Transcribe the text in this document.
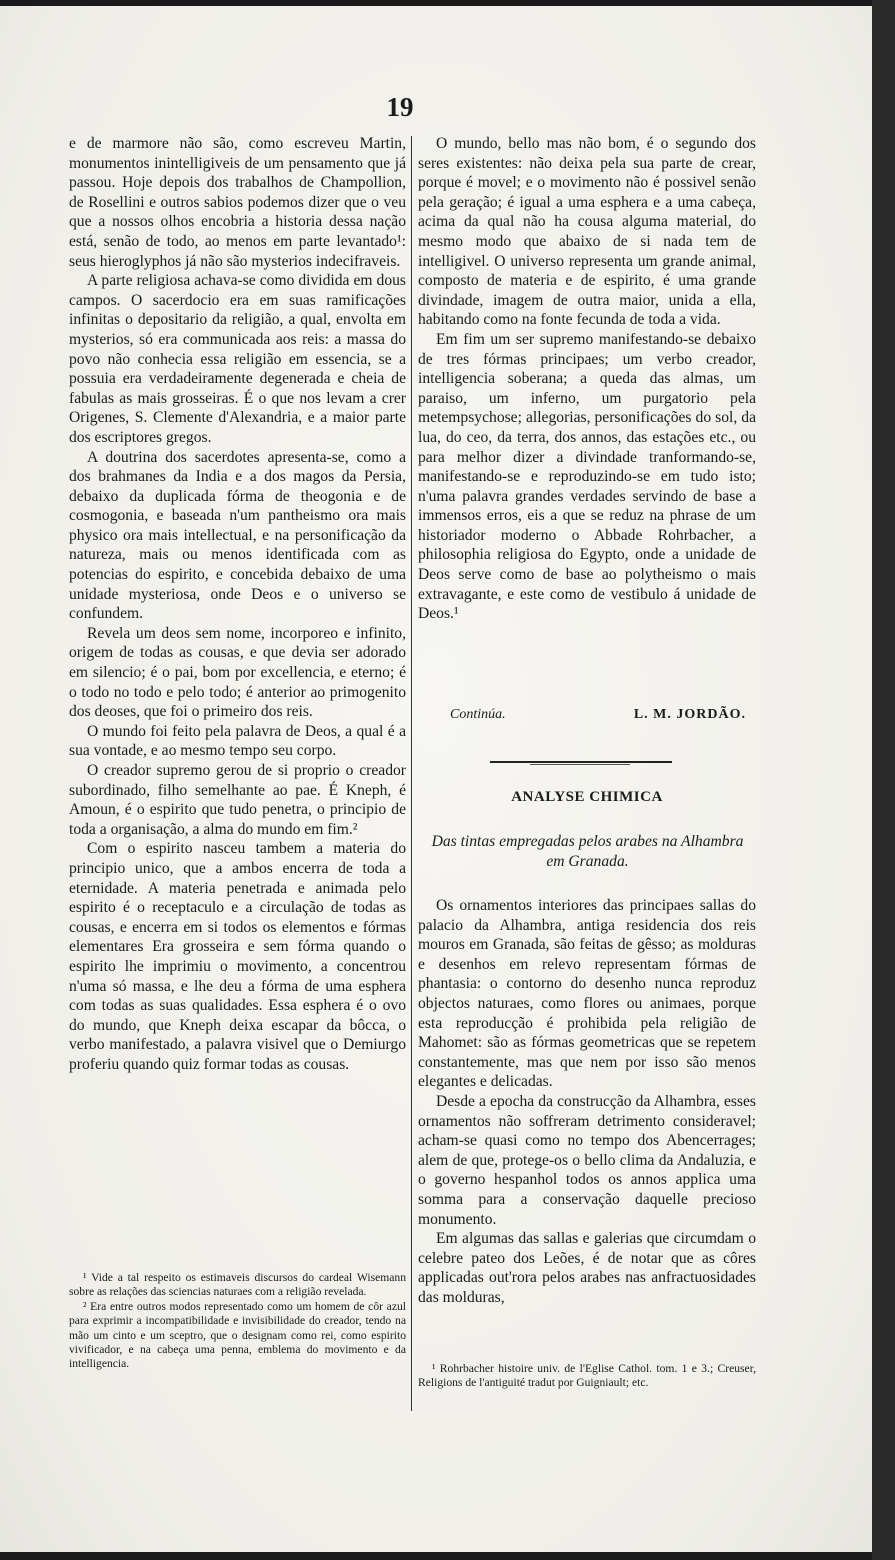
19

e de marmore não são, como escreveu Martin, monumentos inintelligiveis de um pensamento que já passou. Hoje depois dos trabalhos de Champollion, de Rosellini e outros sabios podemos dizer que o veu que a nossos olhos encobria a historia dessa nação está, senão de todo, ao menos em parte levantado¹: seus hieroglyphos já não são mysterios indecifraveis.

A parte religiosa achava-se como dividida em dous campos. O sacerdocio era em suas ramificações infinitas o depositario da religião, a qual, envolta em mysterios, só era communicada aos reis: a massa do povo não conhecia essa religião em essencia, se a possuia era verdadeiramente degenerada e cheia de fabulas as mais grosseiras. É o que nos levam a crer Origenes, S. Clemente d'Alexandria, e a maior parte dos escriptores gregos.

A doutrina dos sacerdotes apresenta-se, como a dos brahmanes da India e a dos magos da Persia, debaixo da duplicada fórma de theogonia e de cosmogonia, e baseada n'um pantheismo ora mais physico ora mais intellectual, e na personificação da natureza, mais ou menos identificada com as potencias do espirito, e concebida debaixo de uma unidade mysteriosa, onde Deos e o universo se confundem.

Revela um deos sem nome, incorporeo e infinito, origem de todas as cousas, e que devia ser adorado em silencio; é o pai, bom por excellencia, e eterno; é o todo no todo e pelo todo; é anterior ao primogenito dos deoses, que foi o primeiro dos reis.

O mundo foi feito pela palavra de Deos, a qual é a sua vontade, e ao mesmo tempo seu corpo.

O creador supremo gerou de si proprio o creador subordinado, filho semelhante ao pae. É Kneph, é Amoun, é o espirito que tudo penetra, o principio de toda a organisação, a alma do mundo em fim.²

Com o espirito nasceu tambem a materia do principio unico, que a ambos encerra de toda a eternidade. A materia penetrada e animada pelo espirito é o receptaculo e a circulação de todas as cousas, e encerra em si todos os elementos e fórmas elementares Era grosseira e sem fórma quando o espirito lhe imprimiu o movimento, a concentrou n'uma só massa, e lhe deu a fórma de uma esphera com todas as suas qualidades. Essa esphera é o ovo do mundo, que Kneph deixa escapar da bôcca, o verbo manifestado, a palavra visivel que o Demiurgo proferiu quando quiz formar todas as cousas.

¹ Vide a tal respeito os estimaveis discursos do cardeal Wisemann sobre as relações das sciencias naturaes com a religião revelada.

² Era entre outros modos representado como um homem de côr azul para exprimir a incompatibilidade e invisibilidade do creador, tendo na mão um cinto e um sceptro, que o designam como rei, como espirito vivificador, e na cabeça uma penna, emblema do movimento e da intelligencia.

O mundo, bello mas não bom, é o segundo dos seres existentes: não deixa pela sua parte de crear, porque é movel; e o movimento não é possivel senão pela geração; é igual a uma esphera e a uma cabeça, acima da qual não ha cousa alguma material, do mesmo modo que abaixo de si nada tem de intelligivel. O universo representa um grande animal, composto de materia e de espirito, é uma grande divindade, imagem de outra maior, unida a ella, habitando como na fonte fecunda de toda a vida.

Em fim um ser supremo manifestando-se debaixo de tres fórmas principaes; um verbo creador, intelligencia soberana; a queda das almas, um paraiso, um inferno, um purgatorio pela metempsychose; allegorias, personificações do sol, da lua, do ceo, da terra, dos annos, das estações etc., ou para melhor dizer a divindade tranformando-se, manifestando-se e reproduzindo-se em tudo isto; n'uma palavra grandes verdades servindo de base a immensos erros, eis a que se reduz na phrase de um historiador moderno o Abbade Rohrbacher, a philosophia religiosa do Egypto, onde a unidade de Deos serve como de base ao polytheismo o mais extravagante, e este como de vestibulo á unidade de Deos.¹

Continúa.	L. M. JORDÃO.
ANALYSE CHIMICA
Das tintas empregadas pelos arabes na Alhambra em Granada.

Os ornamentos interiores das principaes sallas do palacio da Alhambra, antiga residencia dos reis mouros em Granada, são feitas de gêsso; as molduras e desenhos em relevo representam fórmas de phantasia: o contorno do desenho nunca reproduz objectos naturaes, como flores ou animaes, porque esta reproducção é prohibida pela religião de Mahomet: são as fórmas geometricas que se repetem constantemente, mas que nem por isso são menos elegantes e delicadas.

Desde a epocha da construcção da Alhambra, esses ornamentos não soffreram detrimento consideravel; acham-se quasi como no tempo dos Abencerrages; alem de que, protege-os o bello clima da Andaluzia, e o governo hespanhol todos os annos applica uma somma para a conservação daquelle precioso monumento.

Em algumas das sallas e galerias que circumdam o celebre pateo dos Leões, é de notar que as côres applicadas out'rora pelos arabes nas anfractuosidades das molduras,

¹ Rohrbacher histoire univ. de l'Eglise Cathol. tom. 1 e 3.; Creuser, Religions de l'antiguité tradut por Guigniault; etc.
